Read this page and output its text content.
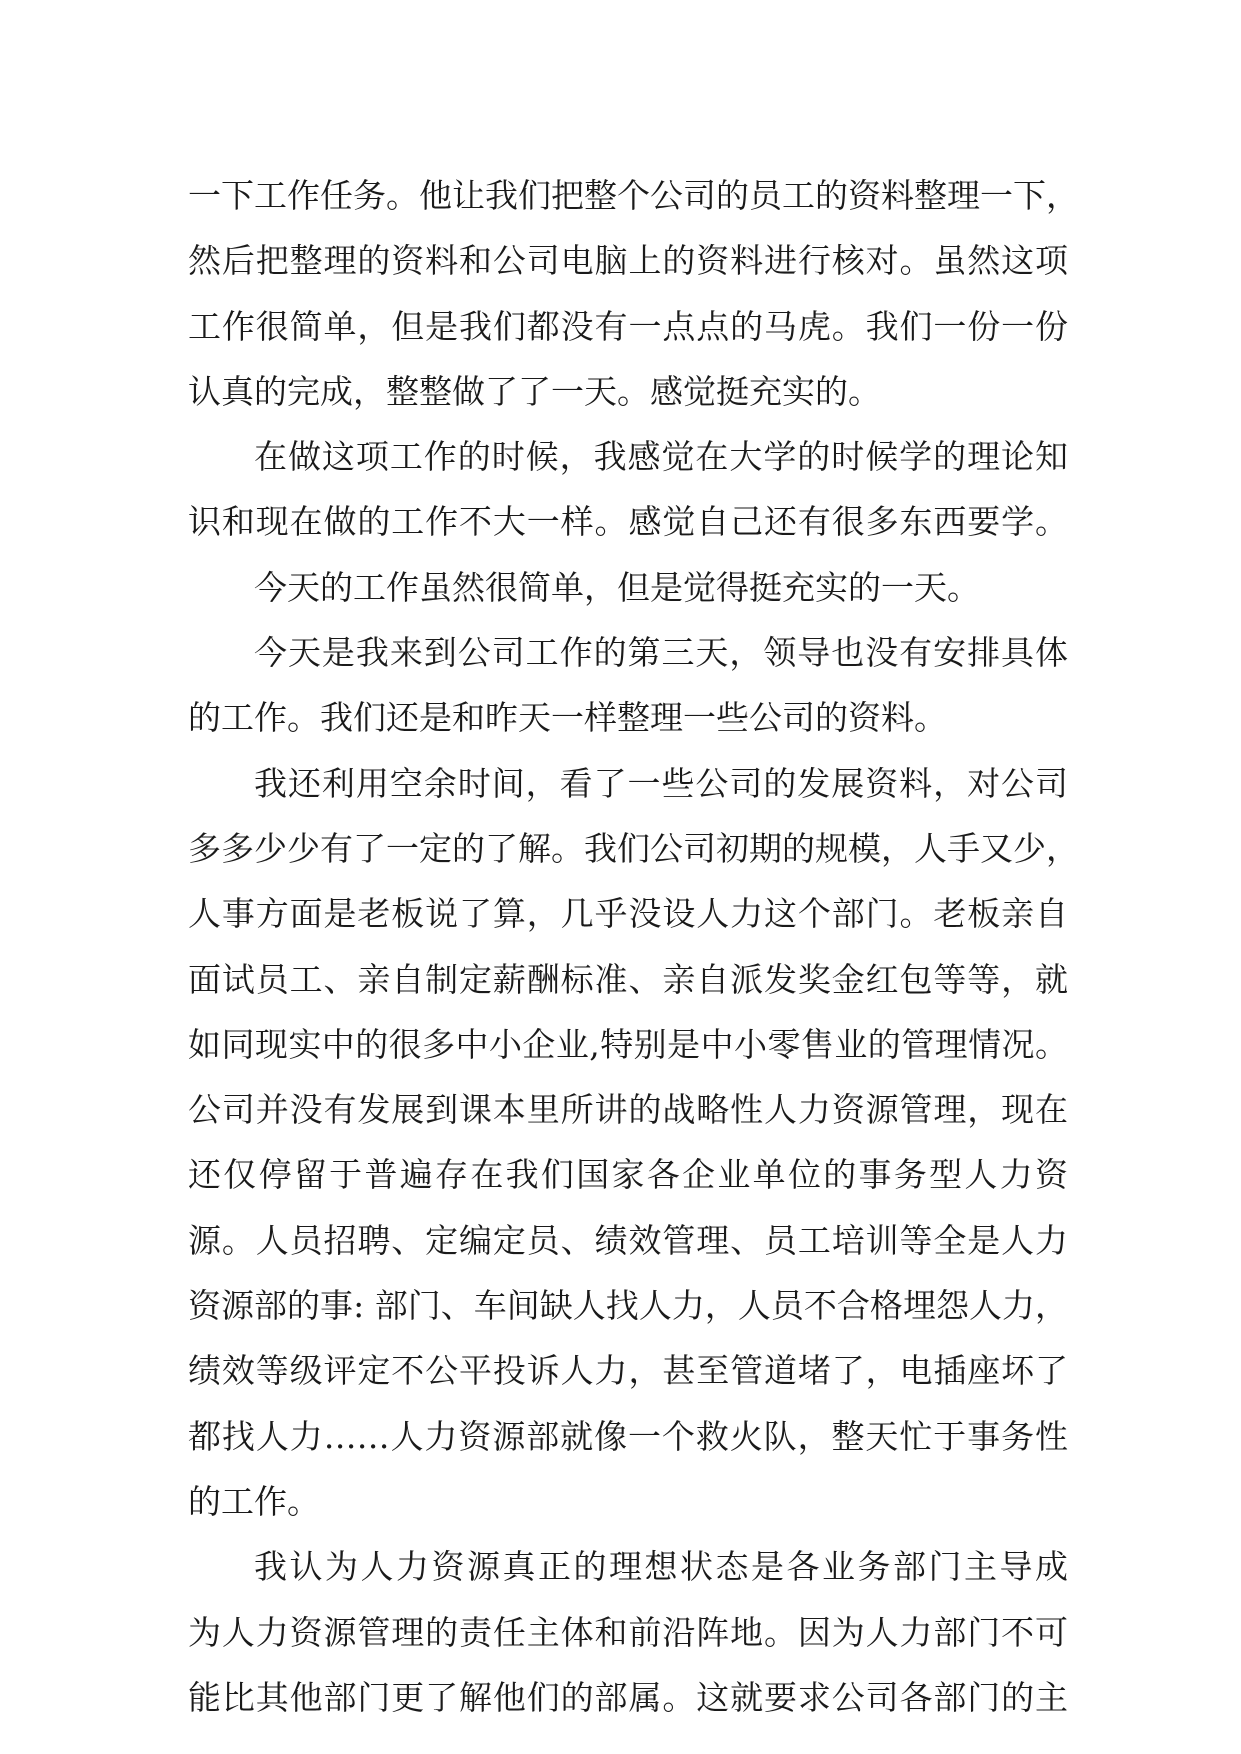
一下工作任务。他让我们把整个公司的员工的资料整理一下，
然后把整理的资料和公司电脑上的资料进行核对。虽然这项
工作很简单，但是我们都没有一点点的马虎。我们一份一份
认真的完成，整整做了了一天。感觉挺充实的。
在做这项工作的时候，我感觉在大学的时候学的理论知
识和现在做的工作不大一样。感觉自己还有很多东西要学。
今天的工作虽然很简单，但是觉得挺充实的一天。
今天是我来到公司工作的第三天，领导也没有安排具体
的工作。我们还是和昨天一样整理一些公司的资料。
我还利用空余时间，看了一些公司的发展资料，对公司
多多少少有了一定的了解。我们公司初期的规模，人手又少，
人事方面是老板说了算，几乎没设人力这个部门。老板亲自
面试员工、亲自制定薪酬标准、亲自派发奖金红包等等，就
如同现实中的很多中小企业,特别是中小零售业的管理情况。
公司并没有发展到课本里所讲的战略性人力资源管理，现在
还仅停留于普遍存在我们国家各企业单位的事务型人力资
源。人员招聘、定编定员、绩效管理、员工培训等全是人力
资源部的事: 部门、车间缺人找人力，人员不合格埋怨人力，
绩效等级评定不公平投诉人力，甚至管道堵了，电插座坏了
都找人力……人力资源部就像一个救火队，整天忙于事务性
的工作。
我认为人力资源真正的理想状态是各业务部门主导成
为人力资源管理的责任主体和前沿阵地。因为人力部门不可
能比其他部门更了解他们的部属。这就要求公司各部门的主
